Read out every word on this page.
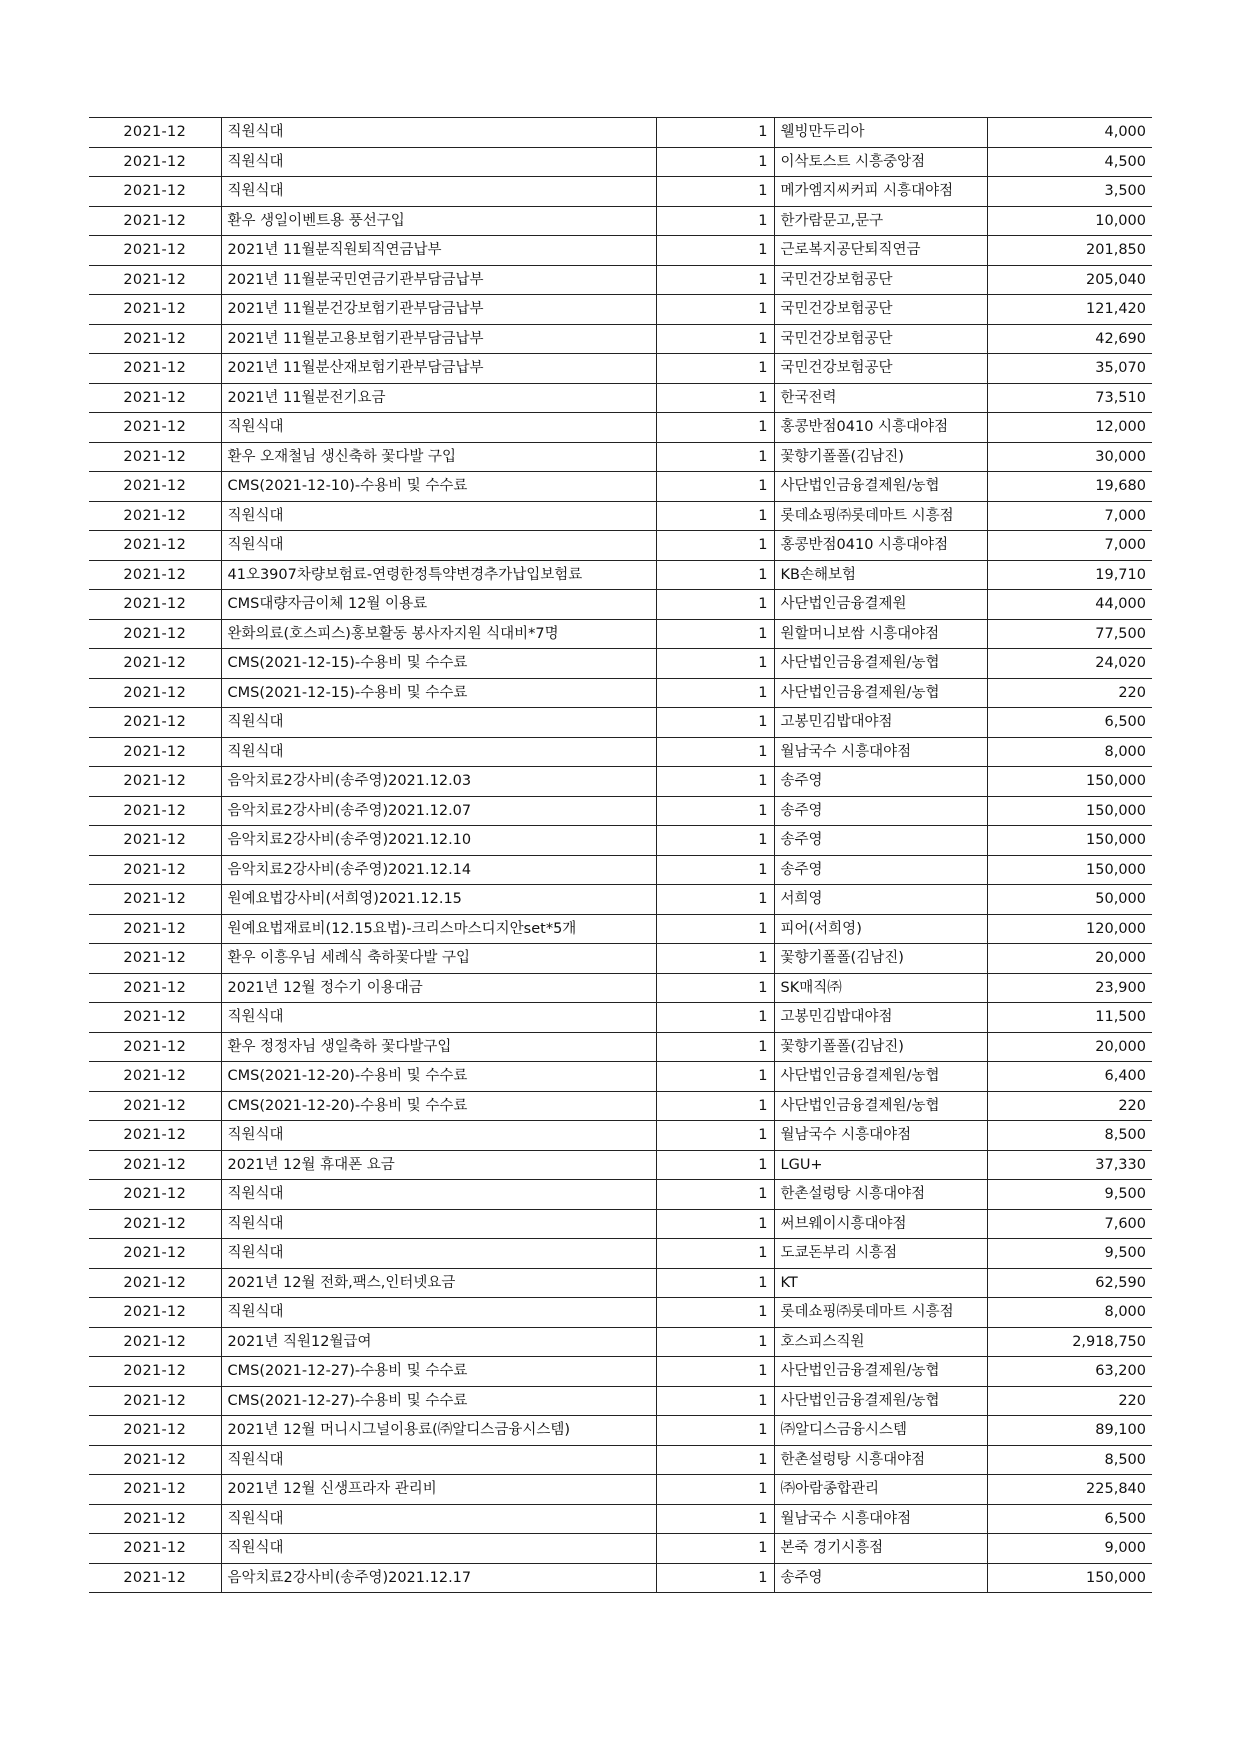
2021-12	직원식대	1	웰빙만두리아	4,000
2021-12	직원식대	1	이삭토스트 시흥중앙점	4,500
2021-12	직원식대	1	메가엠지씨커피 시흥대야점	3,500
2021-12	환우 생일이벤트용 풍선구입	1	한가람문고,문구	10,000
2021-12	2021년 11월분직원퇴직연금납부	1	근로복지공단퇴직연금	201,850
2021-12	2021년 11월분국민연금기관부담금납부	1	국민건강보험공단	205,040
2021-12	2021년 11월분건강보험기관부담금납부	1	국민건강보험공단	121,420
2021-12	2021년 11월분고용보험기관부담금납부	1	국민건강보험공단	42,690
2021-12	2021년 11월분산재보험기관부담금납부	1	국민건강보험공단	35,070
2021-12	2021년 11월분전기요금	1	한국전력	73,510
2021-12	직원식대	1	홍콩반점0410 시흥대야점	12,000
2021-12	환우 오재철님 생신축하 꽃다발 구입	1	꽃향기폴폴(김남진)	30,000
2021-12	CMS(2021-12-10)-수용비 및 수수료	1	사단법인금융결제원/농협	19,680
2021-12	직원식대	1	롯데쇼핑㈜롯데마트 시흥점	7,000
2021-12	직원식대	1	홍콩반점0410 시흥대야점	7,000
2021-12	41오3907차량보험료-연령한정특약변경추가납입보험료	1	KB손해보험	19,710
2021-12	CMS대량자금이체 12월 이용료	1	사단법인금융결제원	44,000
2021-12	완화의료(호스피스)홍보활동 봉사자지원 식대비*7명	1	원할머니보쌈 시흥대야점	77,500
2021-12	CMS(2021-12-15)-수용비 및 수수료	1	사단법인금융결제원/농협	24,020
2021-12	CMS(2021-12-15)-수용비 및 수수료	1	사단법인금융결제원/농협	220
2021-12	직원식대	1	고봉민김밥대야점	6,500
2021-12	직원식대	1	월남국수 시흥대야점	8,000
2021-12	음악치료2강사비(송주영)2021.12.03	1	송주영	150,000
2021-12	음악치료2강사비(송주영)2021.12.07	1	송주영	150,000
2021-12	음악치료2강사비(송주영)2021.12.10	1	송주영	150,000
2021-12	음악치료2강사비(송주영)2021.12.14	1	송주영	150,000
2021-12	원예요법강사비(서희영)2021.12.15	1	서희영	50,000
2021-12	원예요법재료비(12.15요법)-크리스마스디지안set*5개	1	피어(서희영)	120,000
2021-12	환우 이흥우님 세례식 축하꽃다발 구입	1	꽃향기폴폴(김남진)	20,000
2021-12	2021년 12월 정수기 이용대금	1	SK매직㈜	23,900
2021-12	직원식대	1	고봉민김밥대야점	11,500
2021-12	환우 정정자님 생일축하 꽃다발구입	1	꽃향기폴폴(김남진)	20,000
2021-12	CMS(2021-12-20)-수용비 및 수수료	1	사단법인금융결제원/농협	6,400
2021-12	CMS(2021-12-20)-수용비 및 수수료	1	사단법인금융결제원/농협	220
2021-12	직원식대	1	월남국수 시흥대야점	8,500
2021-12	2021년 12월 휴대폰 요금	1	LGU+	37,330
2021-12	직원식대	1	한촌설렁탕 시흥대야점	9,500
2021-12	직원식대	1	써브웨이시흥대야점	7,600
2021-12	직원식대	1	도쿄돈부리 시흥점	9,500
2021-12	2021년 12월 전화,팩스,인터넷요금	1	KT	62,590
2021-12	직원식대	1	롯데쇼핑㈜롯데마트 시흥점	8,000
2021-12	2021년 직원12월급여	1	호스피스직원	2,918,750
2021-12	CMS(2021-12-27)-수용비 및 수수료	1	사단법인금융결제원/농협	63,200
2021-12	CMS(2021-12-27)-수용비 및 수수료	1	사단법인금융결제원/농협	220
2021-12	2021년 12월 머니시그널이용료(㈜알디스금융시스템)	1	㈜알디스금융시스템	89,100
2021-12	직원식대	1	한촌설렁탕 시흥대야점	8,500
2021-12	2021년 12월 신생프라자 관리비	1	㈜아람종합관리	225,840
2021-12	직원식대	1	월남국수 시흥대야점	6,500
2021-12	직원식대	1	본죽 경기시흥점	9,000
2021-12	음악치료2강사비(송주영)2021.12.17	1	송주영	150,000
